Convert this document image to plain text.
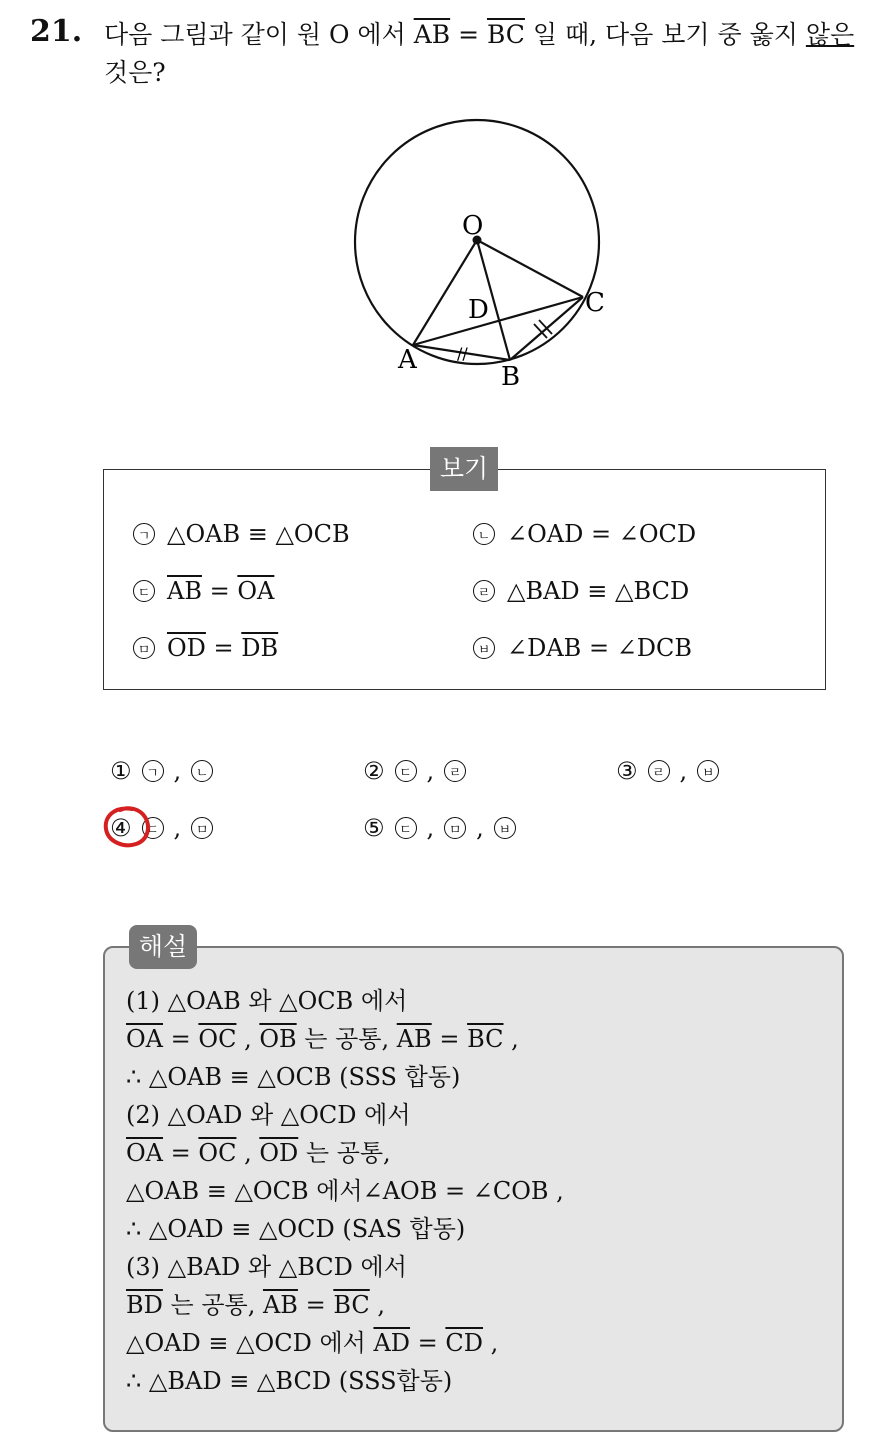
21. 다음 그림과 같이 원 O 에서 $\overline{AB} = \overline{BC}$ 일 때, 다음 보기 중 옳지 않은
것은?
O
A
B
C
D
//
보기
ㄱ △OAB ≡ △OCB	ㄴ ∠OAD = ∠OCD
ㄷ $\overline{AB} = \overline{OA}$	ㄹ △BAD ≡ △BCD
ㅁ $\overline{OD} = \overline{DB}$	ㅂ ∠DAB = ∠DCB
①	ㄱ ,	ㄴ	②	ㄷ ,	ㄹ	③	ㄹ ,	ㅂ
④	ㄷ ,	ㅁ	⑤	ㄷ ,	ㅁ ,	ㅂ
해설
(1) △OAB 와 △OCB 에서
$\overline{OA} = \overline{OC}$ , $\overline{OB}$ 는 공통, $\overline{AB} = \overline{BC}$ ,
∴ △OAB ≡ △OCB (SSS 합동)
(2) △OAD 와 △OCD 에서
$\overline{OA} = \overline{OC}$ , $\overline{OD}$ 는 공통,
△OAB ≡ △OCB 에서∠AOB = ∠COB ,
∴ △OAD ≡ △OCD (SAS 합동)
(3) △BAD 와 △BCD 에서
$\overline{BD}$ 는 공통, $\overline{AB} = \overline{BC}$ ,
△OAD ≡ △OCD 에서 $\overline{AD} = \overline{CD}$ ,
∴ △BAD ≡ △BCD (SSS합동)
